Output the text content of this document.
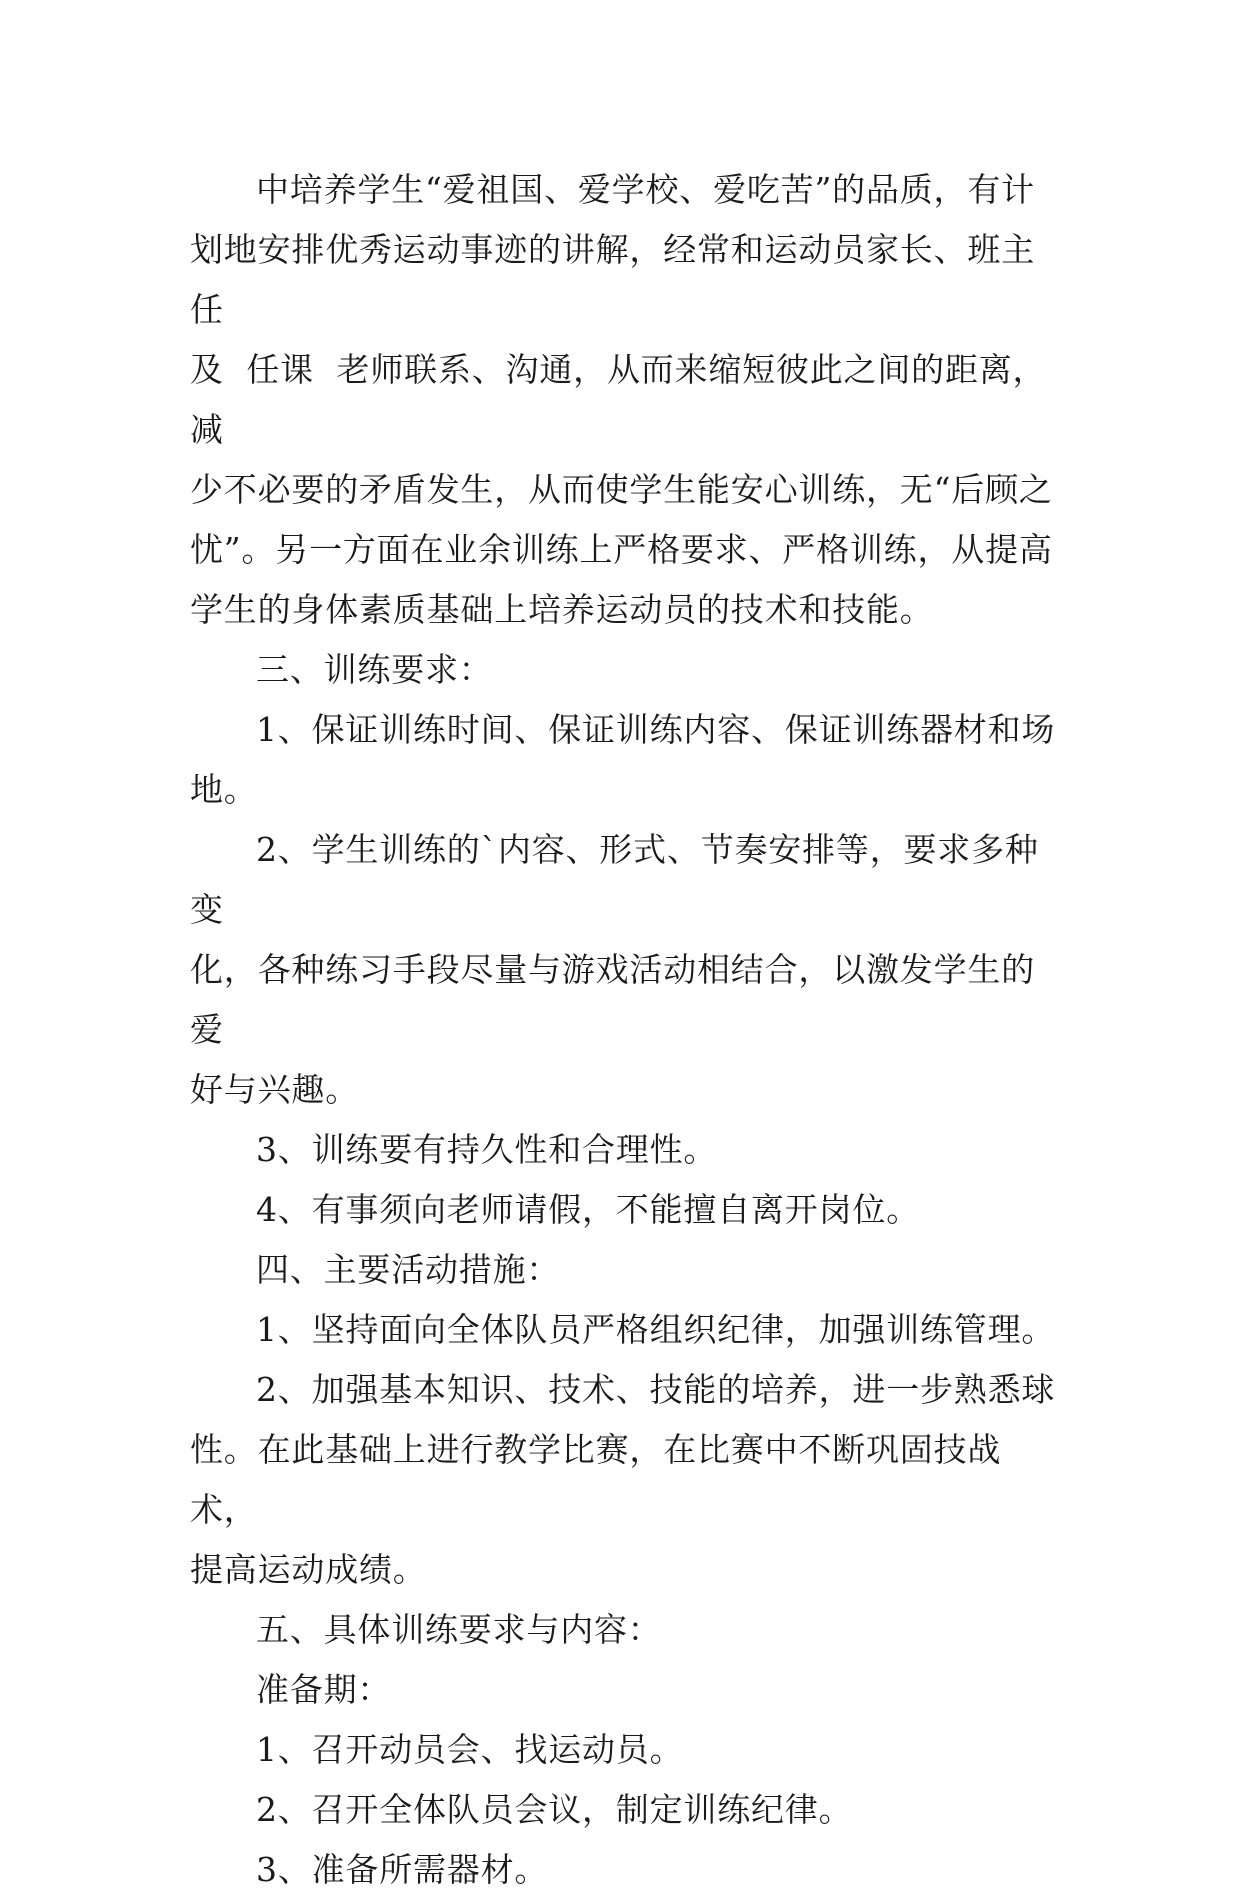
中培养学生“爱祖国、爱学校、爱吃苦”的品质，有计

划地安排优秀运动事迹的讲解，经常和运动员家长、班主任

及  任课  老师联系、沟通，从而来缩短彼此之间的距离，减

少不必要的矛盾发生，从而使学生能安心训练，无“后顾之

忧”。另一方面在业余训练上严格要求、严格训练，从提高

学生的身体素质基础上培养运动员的技术和技能。

三、训练要求：

1、保证训练时间、保证训练内容、保证训练器材和场

地。

2、学生训练的`内容、形式、节奏安排等，要求多种变

化，各种练习手段尽量与游戏活动相结合，以激发学生的爱

好与兴趣。

3、训练要有持久性和合理性。

4、有事须向老师请假，不能擅自离开岗位。

四、主要活动措施：

1、坚持面向全体队员严格组织纪律，加强训练管理。

2、加强基本知识、技术、技能的培养，进一步熟悉球

性。在此基础上进行教学比赛，在比赛中不断巩固技战术，

提高运动成绩。

五、具体训练要求与内容：

准备期：

1、召开动员会、找运动员。

2、召开全体队员会议，制定训练纪律。

3、准备所需器材。
